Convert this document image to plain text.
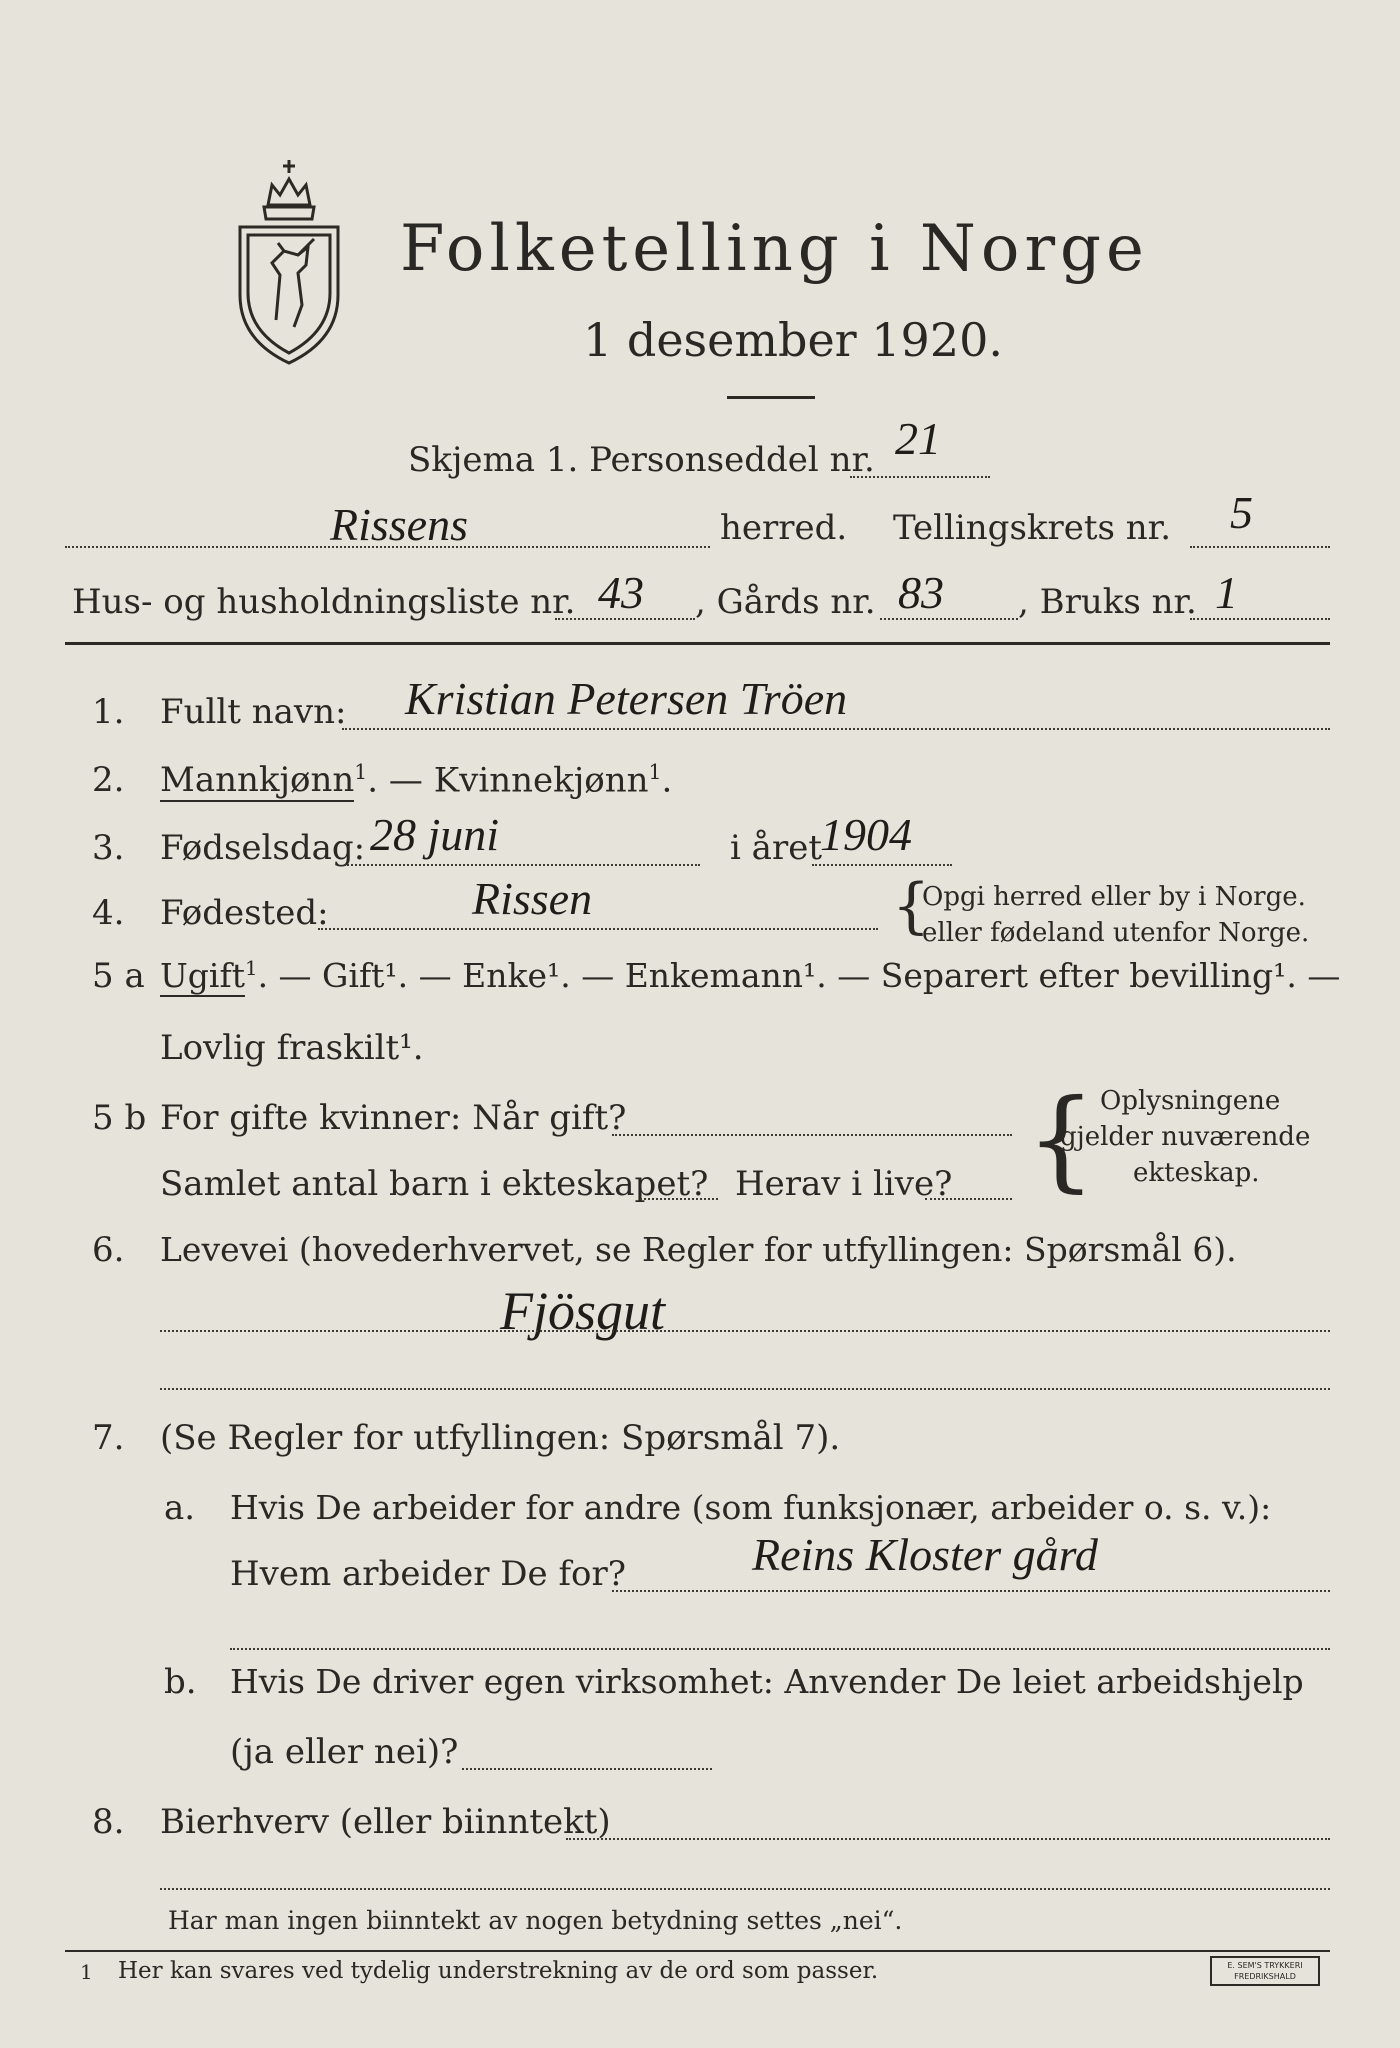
Folketelling i Norge
1 desember 1920.
Skjema 1. Personseddel nr. 21
Rissens	herred. Tellingskrets nr. 5
Hus- og husholdningsliste nr. 43 , Gårds nr. 83 , Bruks nr. 1
1. Fullt navn: Kristian Petersen Tröen
2. Mannkjønn$^1$. — Kvinnekjønn$^1$.
3. Fødselsdag: 28 juni	i året
1904
4. Fødested:	Rissen	{
Opgi herred eller by i Norge.
eller fødeland utenfor Norge.
5 a Ugift$^1$. — Gift¹. — Enke¹. — Enkemann¹. — Separert efter bevilling¹. —
Lovlig fraskilt¹.
5 b For gifte kvinner: Når gift?
Samlet antal barn i ekteskapet? Herav i live? { Oplysningene
gjelder nuværende
ekteskap.
6. Levevei (hovederhvervet, se Regler for utfyllingen: Spørsmål 6).
Fjösgut
7. (Se Regler for utfyllingen: Spørsmål 7).
a. Hvis De arbeider for andre (som funksjonær, arbeider o. s. v.):
Hvem arbeider De for?	Reins Kloster gård
b. Hvis De driver egen virksomhet: Anvender De leiet arbeidshjelp
(ja eller nei)?
8. Bierhverv (eller biinntekt)
Har man ingen biinntekt av nogen betydning settes „nei“.
1 Her kan svares ved tydelig understrekning av de ord som passer.	E. SEM'S TRYKKERI
FREDRIKSHALD
